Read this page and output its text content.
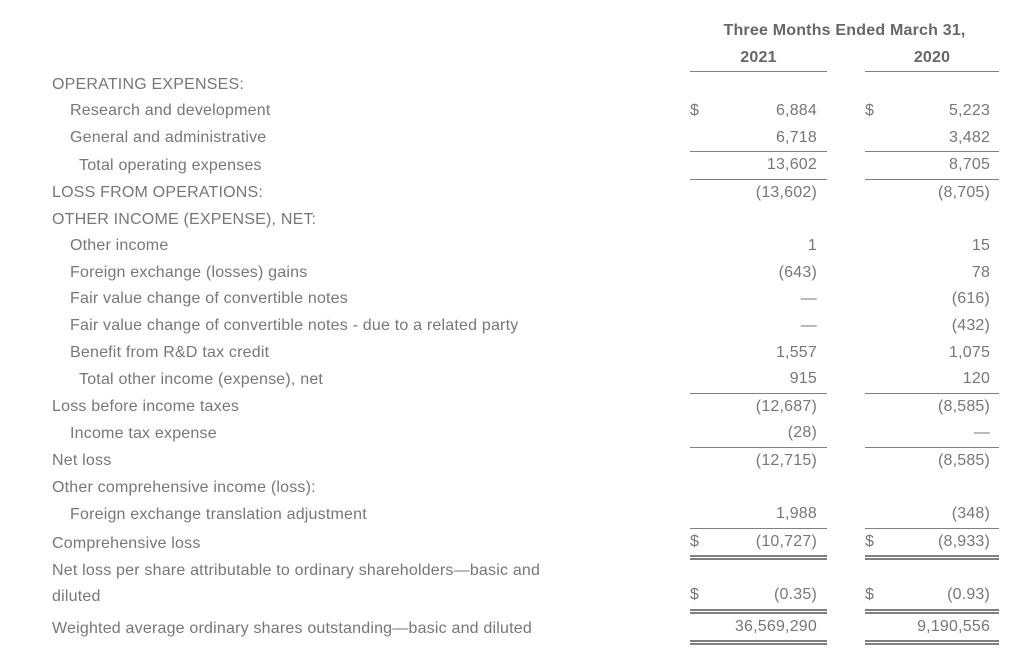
		Three Months Ended March 31,				
		2021			2020	
OPERATING EXPENSES:						
Research and development		$	6,884		$	5,223
General and administrative			6,718			3,482
Total operating expenses			13,602			8,705
LOSS FROM OPERATIONS:			(13,602)			(8,705)
OTHER INCOME (EXPENSE), NET:						
Other income			1			15
Foreign exchange (losses) gains			(643)			78
Fair value change of convertible notes			—			(616)
Fair value change of convertible notes - due to a related party			—			(432)
Benefit from R&D tax credit			1,557			1,075
Total other income (expense), net			915			120
Loss before income taxes			(12,687)			(8,585)
Income tax expense			(28)			—
Net loss			(12,715)			(8,585)
Other comprehensive income (loss):						
Foreign exchange translation adjustment			1,988			(348)
Comprehensive loss		$	(10,727)		$	(8,933)
Net loss per share attributable to ordinary shareholders—basic and diluted		$	(0.35)		$	(0.93)
Weighted average ordinary shares outstanding—basic and diluted			36,569,290			9,190,556
